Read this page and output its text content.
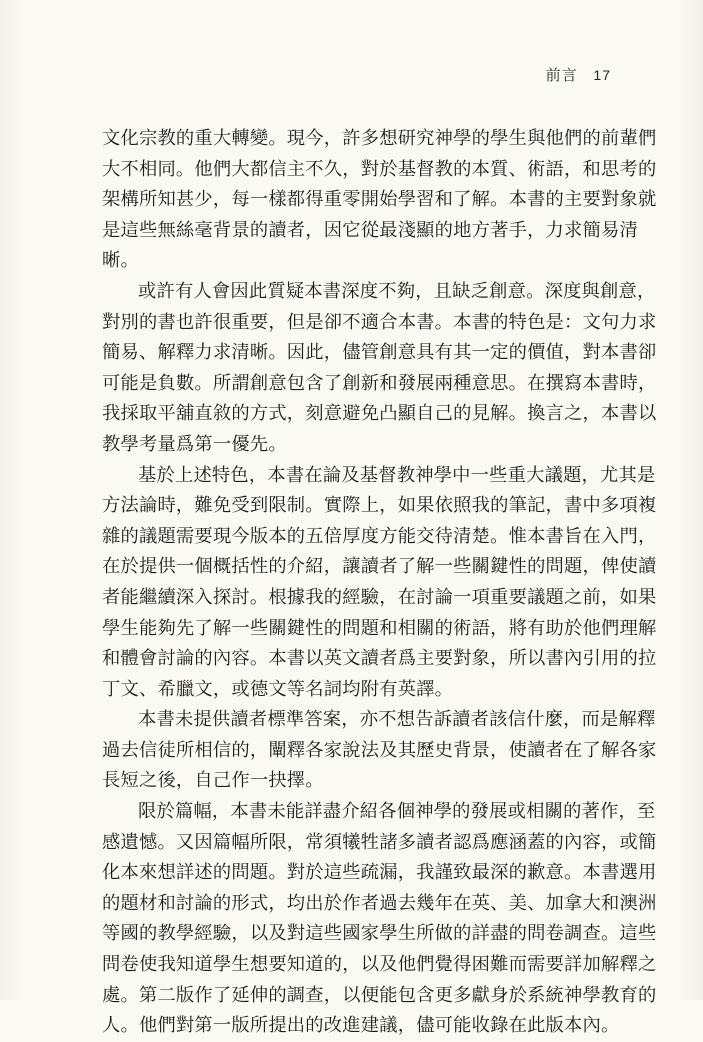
前言 17

文化宗教的重大轉變。現今，許多想研究神學的學生與他們的前輩們
大不相同。他們大都信主不久，對於基督教的本質、術語，和思考的
架構所知甚少，每一樣都得重零開始學習和了解。本書的主要對象就
是這些無絲毫背景的讀者，因它從最淺顯的地方著手，力求簡易清
晰。

或許有人會因此質疑本書深度不夠，且缺乏創意。深度與創意，
對別的書也許很重要，但是卻不適合本書。本書的特色是：文句力求
簡易、解釋力求清晰。因此，儘管創意具有其一定的價值，對本書卻
可能是負數。所謂創意包含了創新和發展兩種意思。在撰寫本書時，
我採取平舖直敘的方式，刻意避免凸顯自己的見解。換言之，本書以
教學考量爲第一優先。

基於上述特色，本書在論及基督教神學中一些重大議題，尤其是
方法論時，難免受到限制。實際上，如果依照我的筆記，書中多項複
雜的議題需要現今版本的五倍厚度方能交待清楚。惟本書旨在入門，
在於提供一個概括性的介紹，讓讀者了解一些關鍵性的問題，俾使讀
者能繼續深入探討。根據我的經驗，在討論一項重要議題之前，如果
學生能夠先了解一些關鍵性的問題和相關的術語，將有助於他們理解
和體會討論的內容。本書以英文讀者爲主要對象，所以書內引用的拉
丁文、希臘文，或德文等名詞均附有英譯。

本書未提供讀者標準答案，亦不想告訴讀者該信什麼，而是解釋
過去信徒所相信的，闡釋各家說法及其歷史背景，使讀者在了解各家
長短之後，自己作一抉擇。

限於篇幅，本書未能詳盡介紹各個神學的發展或相關的著作，至
感遺憾。又因篇幅所限，常須犧牲諸多讀者認爲應涵蓋的內容，或簡
化本來想詳述的問題。對於這些疏漏，我謹致最深的歉意。本書選用
的題材和討論的形式，均出於作者過去幾年在英、美、加拿大和澳洲
等國的教學經驗，以及對這些國家學生所做的詳盡的問卷調查。這些
問卷使我知道學生想要知道的，以及他們覺得困難而需要詳加解釋之
處。第二版作了延伸的調查，以便能包含更多獻身於系統神學教育的
人。他們對第一版所提出的改進建議，儘可能收錄在此版本內。
